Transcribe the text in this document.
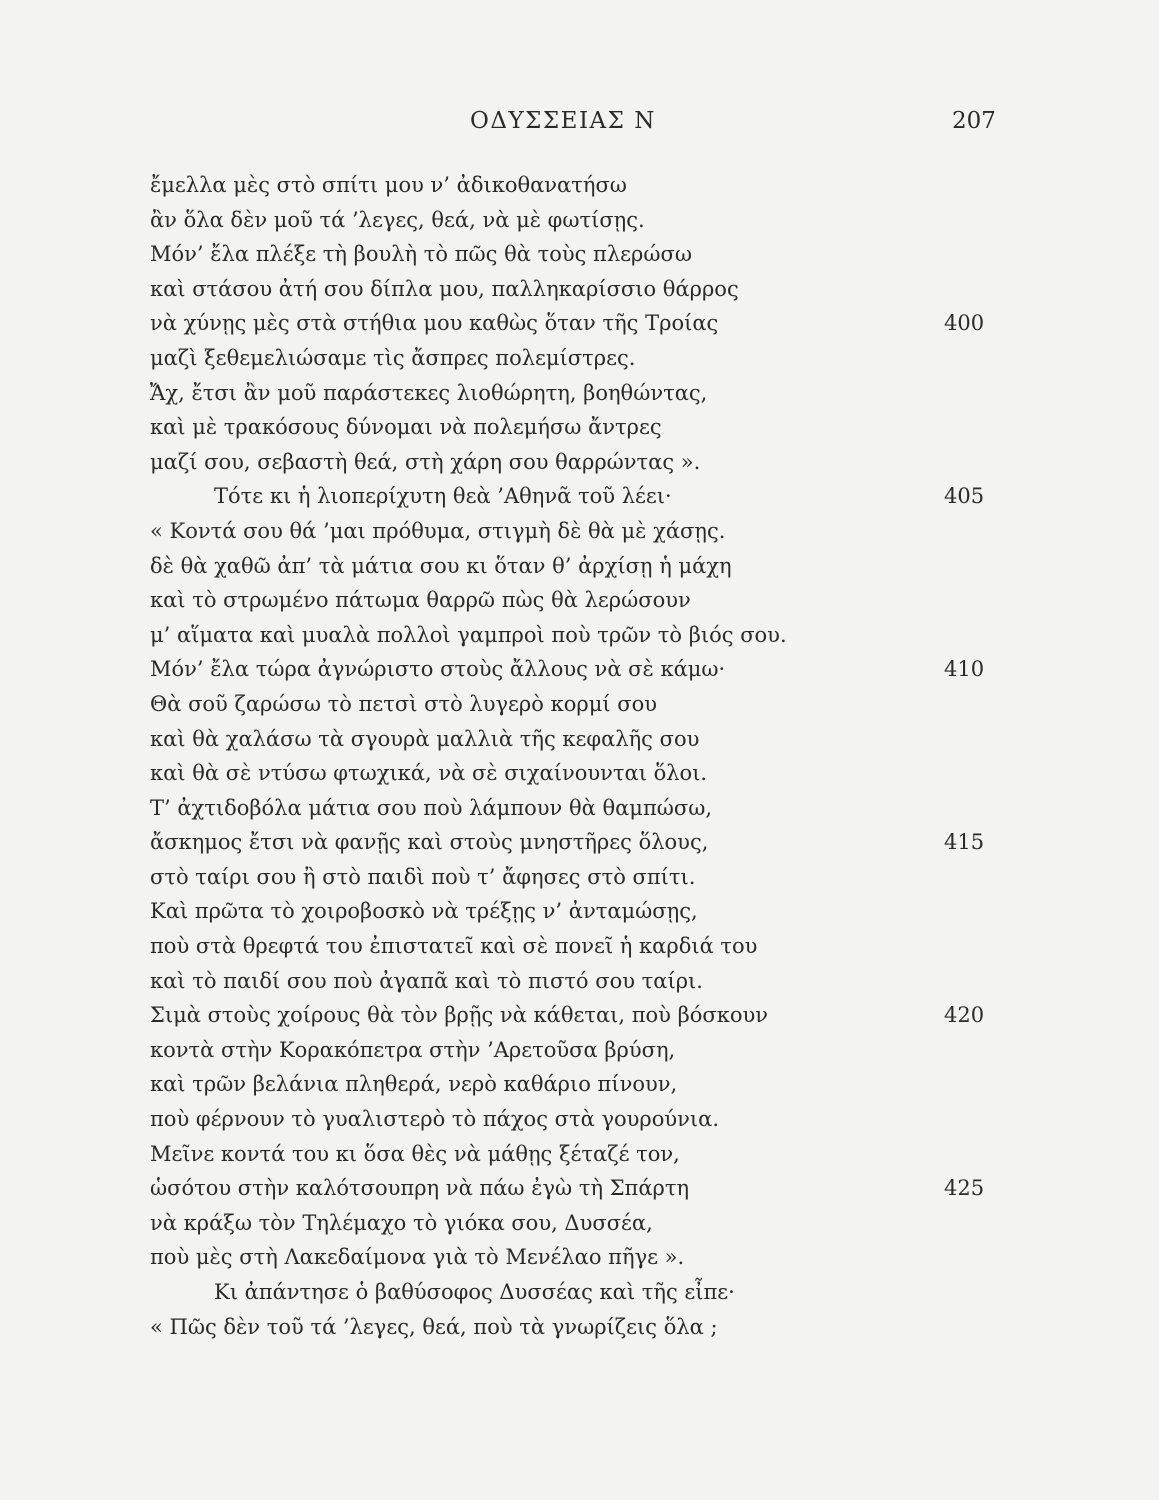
ΟΔΥΣΣΕΙΑΣ Ν	207
ἔμελλα μὲς στὸ σπίτι μου ν’ ἀδικοθανατήσω
ἂν ὅλα δὲν μοῦ τά ’λεγες, θεά, νὰ μὲ φωτίσῃς.
Μόν’ ἔλα πλέξε τὴ βουλὴ τὸ πῶς θὰ τοὺς πλερώσω
καὶ στάσου ἀτή σου δίπλα μου, παλληκαρίσσιο θάρρος
νὰ χύνῃς μὲς στὰ στήθια μου καθὼς ὅταν τῆς Τροίας	400
μαζὶ ξεθεμελιώσαμε τὶς ἄσπρες πολεμίστρες.
Ἄχ, ἔτσι ἂν μοῦ παράστεκες λιοθώρητη, βοηθώντας,
καὶ μὲ τρακόσους δύνομαι νὰ πολεμήσω ἄντρες
μαζί σου, σεβαστὴ θεά, στὴ χάρη σου θαρρώντας ».
Τότε κι ἡ λιοπερίχυτη θεὰ ’Αθηνᾶ τοῦ λέει·	405
« Κοντά σου θά ’μαι πρόθυμα, στιγμὴ δὲ θὰ μὲ χάσῃς.
δὲ θὰ χαθῶ ἀπ’ τὰ μάτια σου κι ὅταν θ’ ἀρχίσῃ ἡ μάχη
καὶ τὸ στρωμένο πάτωμα θαρρῶ πὼς θὰ λερώσουν
μ’ αἵματα καὶ μυαλὰ πολλοὶ γαμπροὶ ποὺ τρῶν τὸ βιός σου.
Μόν’ ἔλα τώρα ἀγνώριστο στοὺς ἄλλους νὰ σὲ κάμω·	410
Θὰ σοῦ ζαρώσω τὸ πετσὶ στὸ λυγερὸ κορμί σου
καὶ θὰ χαλάσω τὰ σγουρὰ μαλλιὰ τῆς κεφαλῆς σου
καὶ θὰ σὲ ντύσω φτωχικά, νὰ σὲ σιχαίνουνται ὅλοι.
Τ’ ἀχτιδοβόλα μάτια σου ποὺ λάμπουν θὰ θαμπώσω,
ἄσκημος ἔτσι νὰ φανῇς καὶ στοὺς μνηστῆρες ὅλους,	415
στὸ ταίρι σου ἢ στὸ παιδὶ ποὺ τ’ ἄφησες στὸ σπίτι.
Καὶ πρῶτα τὸ χοιροβοσκὸ νὰ τρέξῃς ν’ ἀνταμώσῃς,
ποὺ στὰ θρεφτά του ἐπιστατεῖ καὶ σὲ πονεῖ ἡ καρδιά του
καὶ τὸ παιδί σου ποὺ ἀγαπᾶ καὶ τὸ πιστό σου ταίρι.
Σιμὰ στοὺς χοίρους θὰ τὸν βρῇς νὰ κάθεται, ποὺ βόσκουν	420
κοντὰ στὴν Κορακόπετρα στὴν ’Αρετοῦσα βρύση,
καὶ τρῶν βελάνια πληθερά, νερὸ καθάριο πίνουν,
ποὺ φέρνουν τὸ γυαλιστερὸ τὸ πάχος στὰ γουρούνια.
Μεῖνε κοντά του κι ὅσα θὲς νὰ μάθῃς ξέταζέ τον,
ὡσότου στὴν καλότσουπρη νὰ πάω ἐγὼ τὴ Σπάρτη	425
νὰ κράξω τὸν Τηλέμαχο τὸ γιόκα σου, Δυσσέα,
ποὺ μὲς στὴ Λακεδαίμονα γιὰ τὸ Μενέλαο πῆγε ».
Κι ἀπάντησε ὁ βαθύσοφος Δυσσέας καὶ τῆς εἶπε·
« Πῶς δὲν τοῦ τά ’λεγες, θεά, ποὺ τὰ γνωρίζεις ὅλα ;
